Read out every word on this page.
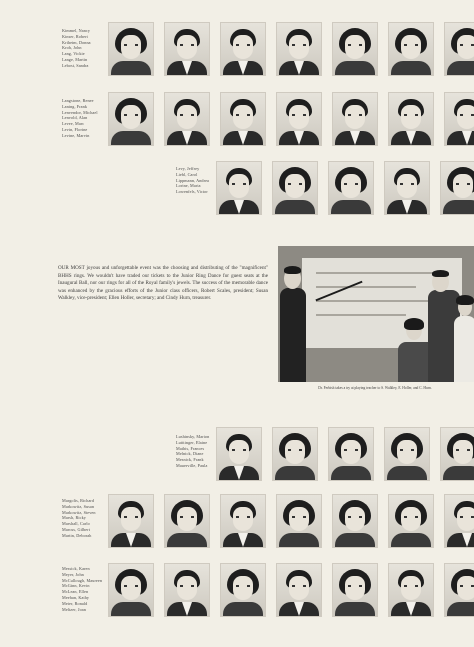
Kimmel, Nancy
Kinser, Robert
Kriheim, Donna
Kroh, John
Lang, Vickie
Lange, Martin
Lebost, Sandra
Langstone, Renee
Laning, Frank
Lenvendor, Michael
Lenvold, Alan
Levee, Marc
Levin, Florine
Levine, Marvin
Levy, Jeffrey
Liebl, Carol
Lippmann, Andrea
Lorine, Maria
Lowenfels, Victor
OUR MOST joyous and unforgettable event was the choosing and distributing of the "magnificent" BHHS rings. We wouldn't have traded our tickets to the Junior Ring Dance for guest seats at the Inaugural Ball, nor our rings for all of the Royal family's jewels. The success of the memorable dance was enhanced by the gracious efforts of the Junior class officers, Robert Scales, president; Susan Walkley, vice-president; Ellen Holler, secretary; and Cindy Hurn, treasurer.
Dr. Ferbish takes a try at playing teacher to S. Walkley, E. Holler, and C. Hurn.
Lushinsky, Marion
Lutttinger, Elaine
Mathis, Frances
Melnick, Diane
Mesnick, Frank
Mauerville, Paula
Margolis, Richard
Markowitz, Susan
Markowitz, Steven
Marsh, Ricky
Marshall, Carlo
Marcus, Gilbert
Martin, Deborah
Messick, Karen
Meyer, John
McCullough, Maureen
McGinn, Kevin
McLean, Ellen
Meehan, Kathy
Meier, Ronald
Meltzer, Joan
